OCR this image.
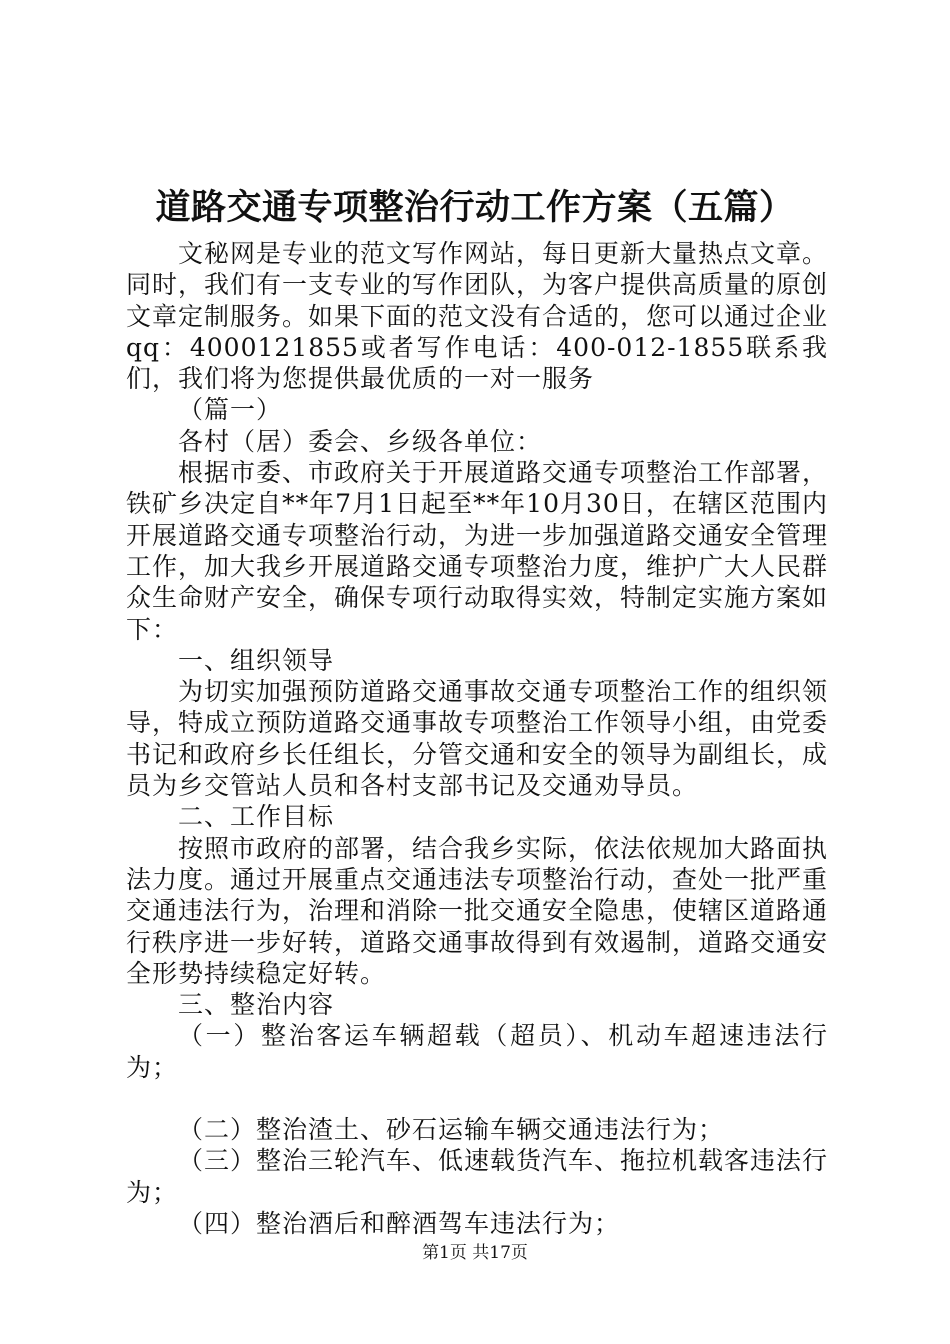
道路交通专项整治行动工作方案（五篇）

文秘网是专业的范文写作网站，每日更新大量热点文章。同时，我们有一支专业的写作团队，为客户提供高质量的原创文章定制服务。如果下面的范文没有合适的，您可以通过企业qq：4000121855或者写作电话：400-012-1855联系我们，我们将为您提供最优质的一对一服务

（篇一）

各村（居）委会、乡级各单位：

根据市委、市政府关于开展道路交通专项整治工作部署，铁矿乡决定自**年7月1日起至**年10月30日，在辖区范围内开展道路交通专项整治行动，为进一步加强道路交通安全管理工作，加大我乡开展道路交通专项整治力度，维护广大人民群众生命财产安全，确保专项行动取得实效，特制定实施方案如下：

一、组织领导

为切实加强预防道路交通事故交通专项整治工作的组织领导，特成立预防道路交通事故专项整治工作领导小组，由党委书记和政府乡长任组长，分管交通和安全的领导为副组长，成员为乡交管站人员和各村支部书记及交通劝导员。

二、工作目标

按照市政府的部署，结合我乡实际，依法依规加大路面执法力度。通过开展重点交通违法专项整治行动，查处一批严重交通违法行为，治理和消除一批交通安全隐患，使辖区道路通行秩序进一步好转，道路交通事故得到有效遏制，道路交通安全形势持续稳定好转。

三、整治内容

（一）整治客运车辆超载（超员）、机动车超速违法行为；

（二）整治渣土、砂石运输车辆交通违法行为；

（三）整治三轮汽车、低速载货汽车、拖拉机载客违法行为；

（四）整治酒后和醉酒驾车违法行为；

第1页 共17页
